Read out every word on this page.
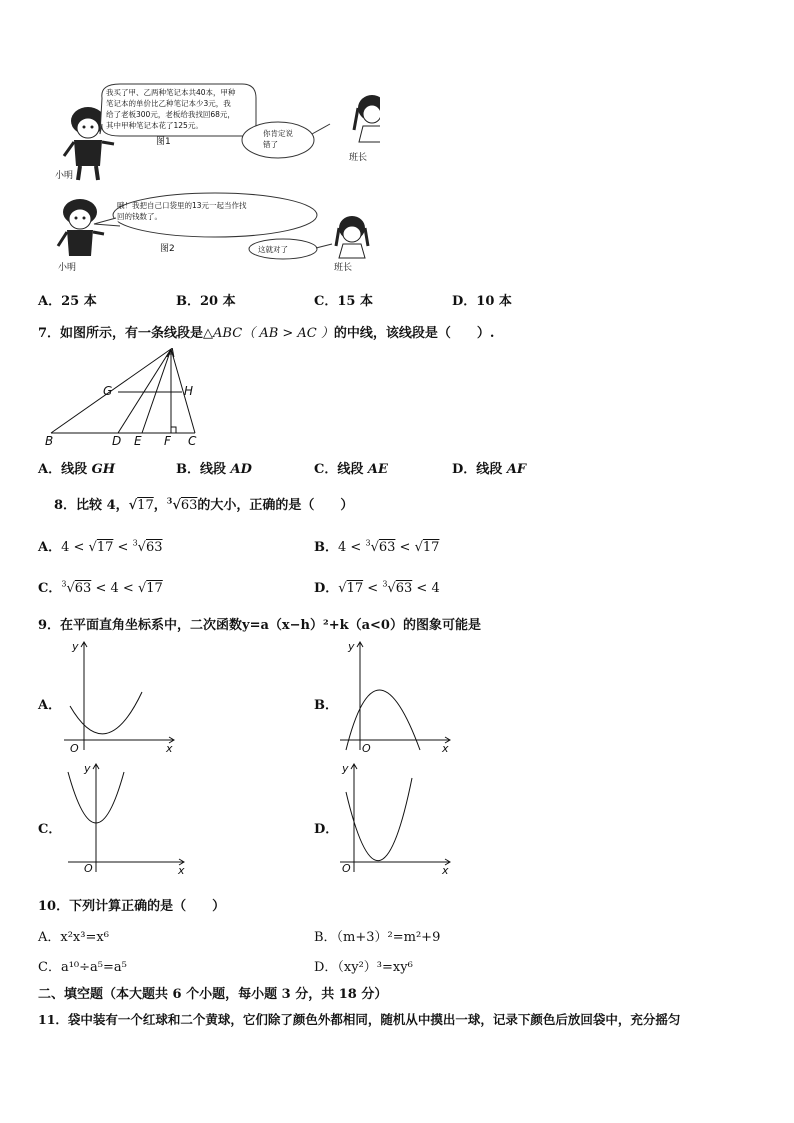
我买了甲、乙两种笔记本共40本，甲种
笔记本的单价比乙种笔记本少3元，我
给了老板300元，老板给我找回68元，
其中甲种笔记本花了125元。
图1
你肯定说
错了
小明
班长
哦！我把自己口袋里的13元一起当作找
回的钱数了。
图2	这就对了
小明	班长
A．25 本	B．20 本	C．15 本	D．10 本
7．如图所示，有一条线段是△ABC（ AB > AC ）的中线，该线段是（　　）.
A
B	C
D E F
G	H
A．线段 GH	B．线段 AD	C．线段 AE	D．线段 AF
8．比较 4，√17，$^3$√63的大小，正确的是（　　）
A．4 < √17 < $^3$√63	B．4 < $^3$√63 < √17
C．$^3$√63 < 4 < √17	D．√17 < $^3$√63 < 4
9．在平面直角坐标系中，二次函数y=a（x−h）²+k（a<0）的图象可能是
A．	B．
C．	D．
y
x
O
y
x
O
y
x
O
y
x
O
10．下列计算正确的是（　　）
A．x²x³=x⁶	B．（m+3）²=m²+9
C．a¹⁰÷a⁵=a⁵	D．（xy²）³=xy⁶
二、填空题（本大题共 6 个小题，每小题 3 分，共 18 分）
11．袋中装有一个红球和二个黄球，它们除了颜色外都相同，随机从中摸出一球，记录下颜色后放回袋中，充分摇匀
